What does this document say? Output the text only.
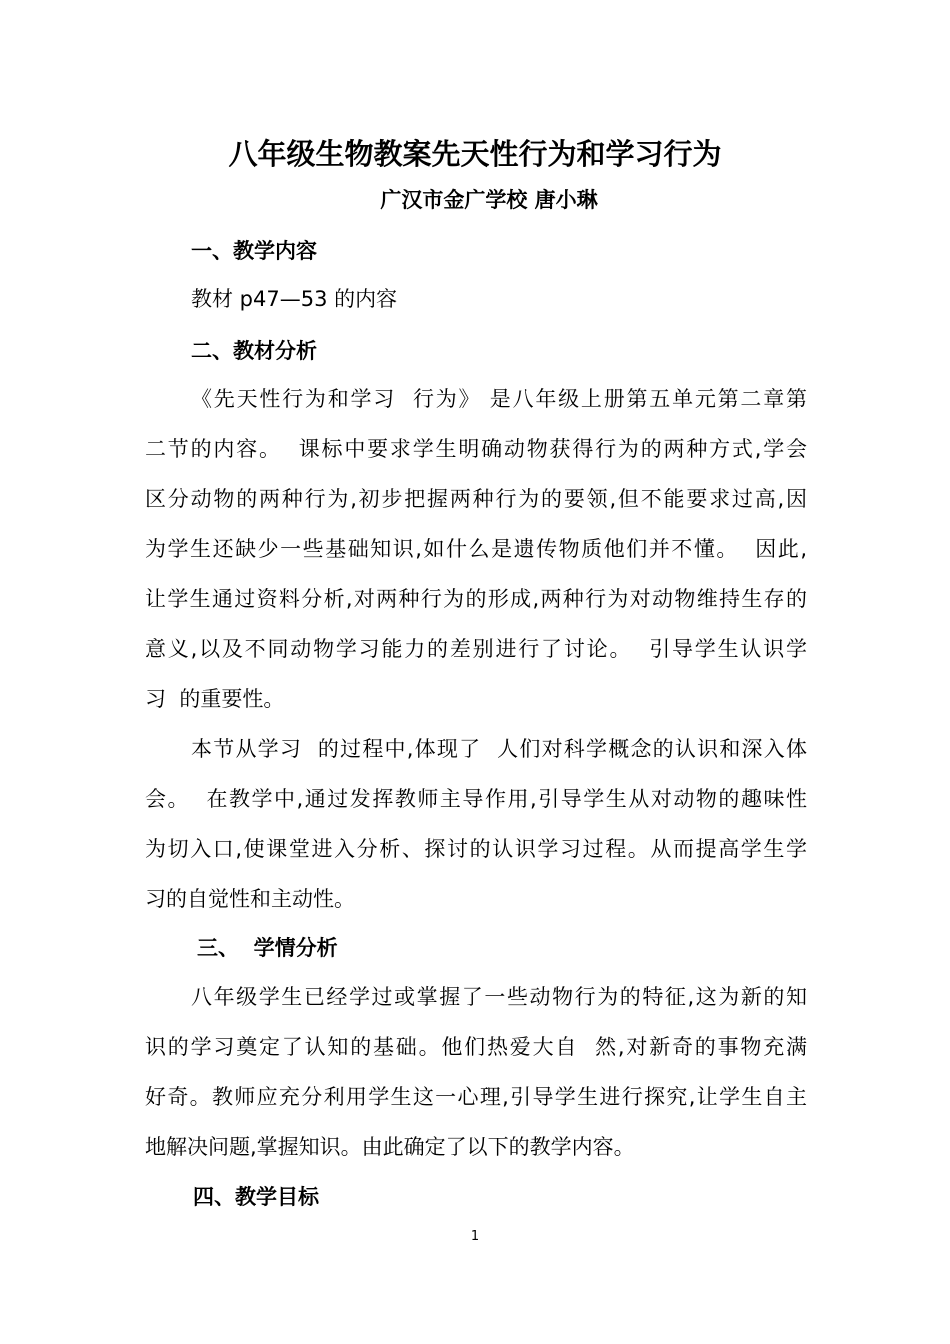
八年级生物教案先天性行为和学习行为
广汉市金广学校 唐小琳
一、教学内容
教材 p47—53 的内容
二、教材分析
《先天性行为和学习  行为》 是八年级上册第五单元第二章第
二节的内容。  课标中要求学生明确动物获得行为的两种方式,学会
区分动物的两种行为,初步把握两种行为的要领,但不能要求过高,因
为学生还缺少一些基础知识,如什么是遗传物质他们并不懂。  因此,
让学生通过资料分析,对两种行为的形成,两种行为对动物维持生存的
意义,以及不同动物学习能力的差别进行了讨论。  引导学生认识学
习  的重要性。
本节从学习  的过程中,体现了  人们对科学概念的认识和深入体
会。  在教学中,通过发挥教师主导作用,引导学生从对动物的趣味性
为切入口,使课堂进入分析、探讨的认识学习过程。从而提高学生学
习的自觉性和主动性。
三、  学情分析
八年级学生已经学过或掌握了一些动物行为的特征,这为新的知
识的学习奠定了认知的基础。他们热爱大自  然,对新奇的事物充满
好奇。教师应充分利用学生这一心理,引导学生进行探究,让学生自主
地解决问题,掌握知识。由此确定了以下的教学内容。
四、教学目标
1
